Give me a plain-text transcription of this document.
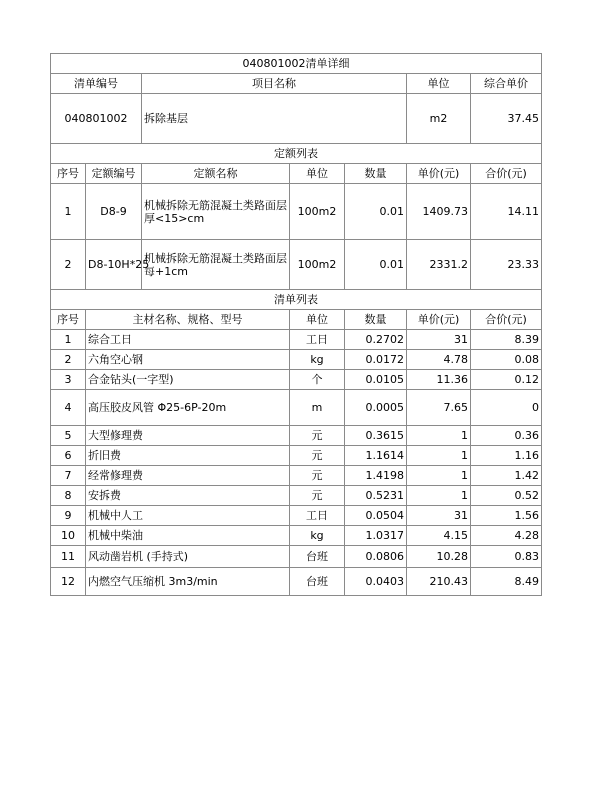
040801002清单详细						
清单编号		项目名称			单位	综合单价
040801002		拆除基层			m2	37.45
定额列表						
序号	定额编号	定额名称	单位	数量	单价(元)	合价(元)
1	D8-9	机械拆除无筋混凝土类路面层厚<15>cm	100m2	0.01	1409.73	14.11
2	D8-10H*25	机械拆除无筋混凝土类路面层每+1cm	100m2	0.01	2331.2	23.33
清单列表						
序号	主材名称、规格、型号		单位	数量	单价(元)	合价(元)
1	综合工日		工日	0.2702	31	8.39
2	六角空心钢		kg	0.0172	4.78	0.08
3	合金钻头(一字型)		个	0.0105	11.36	0.12
4	高压胶皮风管 Φ25-6P-20m		m	0.0005	7.65	0
5	大型修理费		元	0.3615	1	0.36
6	折旧费		元	1.1614	1	1.16
7	经常修理费		元	1.4198	1	1.42
8	安拆费		元	0.5231	1	0.52
9	机械中人工		工日	0.0504	31	1.56
10	机械中柴油		kg	1.0317	4.15	4.28
11	风动凿岩机 (手持式)		台班	0.0806	10.28	0.83
12	内燃空气压缩机 3m3/min		台班	0.0403	210.43	8.49
